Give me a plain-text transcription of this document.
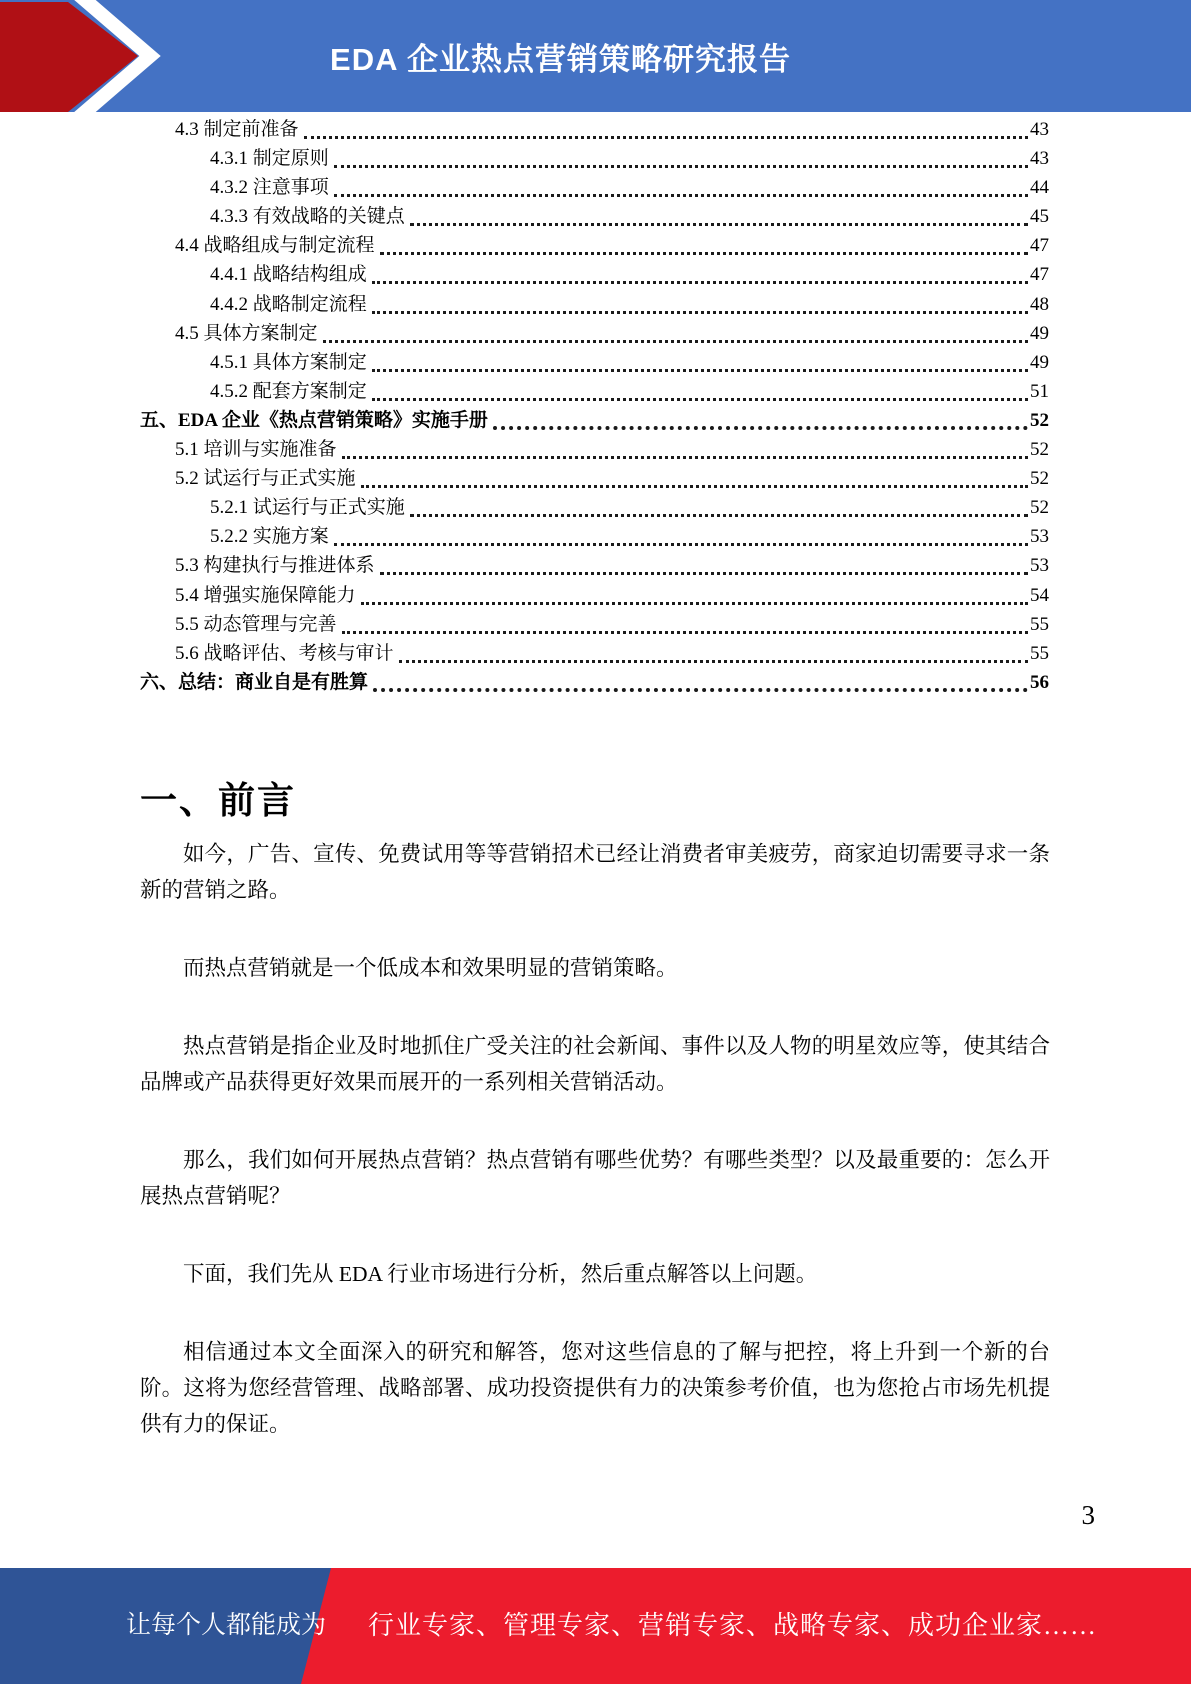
EDA 企业热点营销策略研究报告
4.3 制定前准备	43
4.3.1 制定原则	43
4.3.2 注意事项	44
4.3.3 有效战略的关键点	45
4.4 战略组成与制定流程	47
4.4.1 战略结构组成	47
4.4.2 战略制定流程	48
4.5 具体方案制定	49
4.5.1 具体方案制定	49
4.5.2 配套方案制定	51
五、EDA 企业《热点营销策略》实施手册	52
5.1 培训与实施准备	52
5.2 试运行与正式实施	52
5.2.1 试运行与正式实施	52
5.2.2 实施方案	53
5.3 构建执行与推进体系	53
5.4 增强实施保障能力	54
5.5 动态管理与完善	55
5.6 战略评估、考核与审计	55
六、总结：商业自是有胜算	56
一、前言

如今，广告、宣传、免费试用等等营销招术已经让消费者审美疲劳，商家迫切需要寻求一条新的营销之路。

而热点营销就是一个低成本和效果明显的营销策略。

热点营销是指企业及时地抓住广受关注的社会新闻、事件以及人物的明星效应等，使其结合品牌或产品获得更好效果而展开的一系列相关营销活动。

那么，我们如何开展热点营销？热点营销有哪些优势？有哪些类型？以及最重要的：怎么开展热点营销呢？

下面，我们先从 EDA 行业市场进行分析，然后重点解答以上问题。

相信通过本文全面深入的研究和解答，您对这些信息的了解与把控，将上升到一个新的台阶。这将为您经营管理、战略部署、成功投资提供有力的决策参考价值，也为您抢占市场先机提供有力的保证。

3
让每个人都能成为 行业专家、管理专家、营销专家、战略专家、成功企业家……
